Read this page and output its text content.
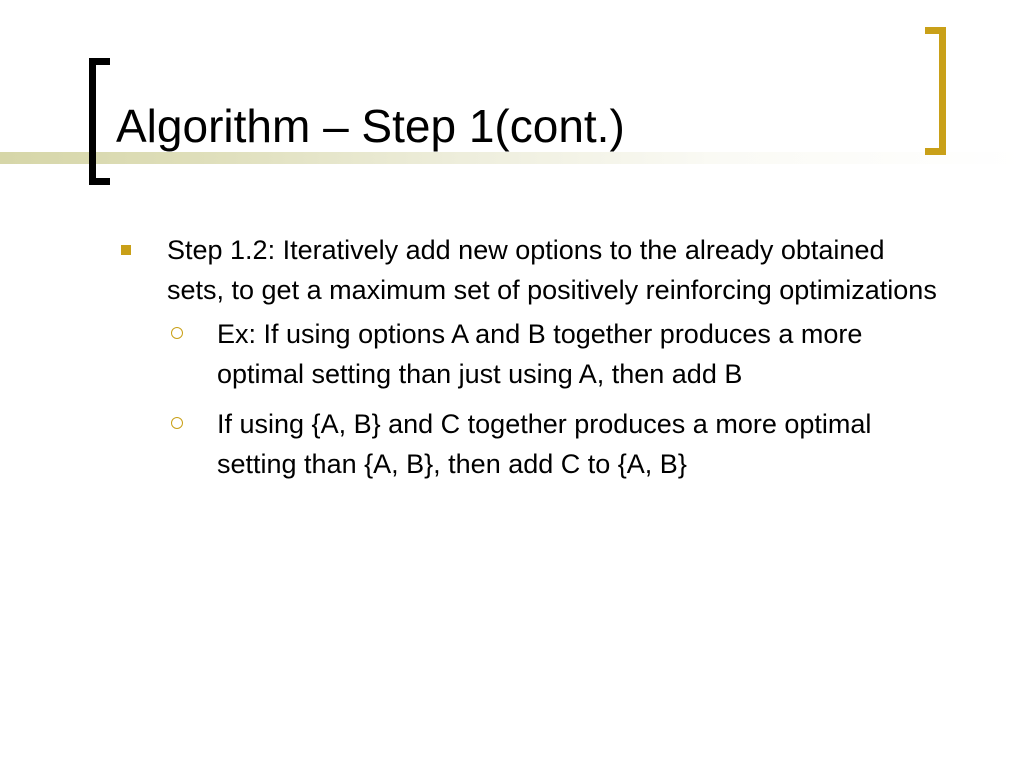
Algorithm – Step 1(cont.)
Step 1.2: Iteratively add new options to the already obtained sets, to get a maximum set of positively reinforcing optimizations
Ex: If using options A and B together produces a more optimal setting than just using A, then add B
If using {A, B} and C together produces a more optimal setting than {A, B}, then add C to {A, B}
